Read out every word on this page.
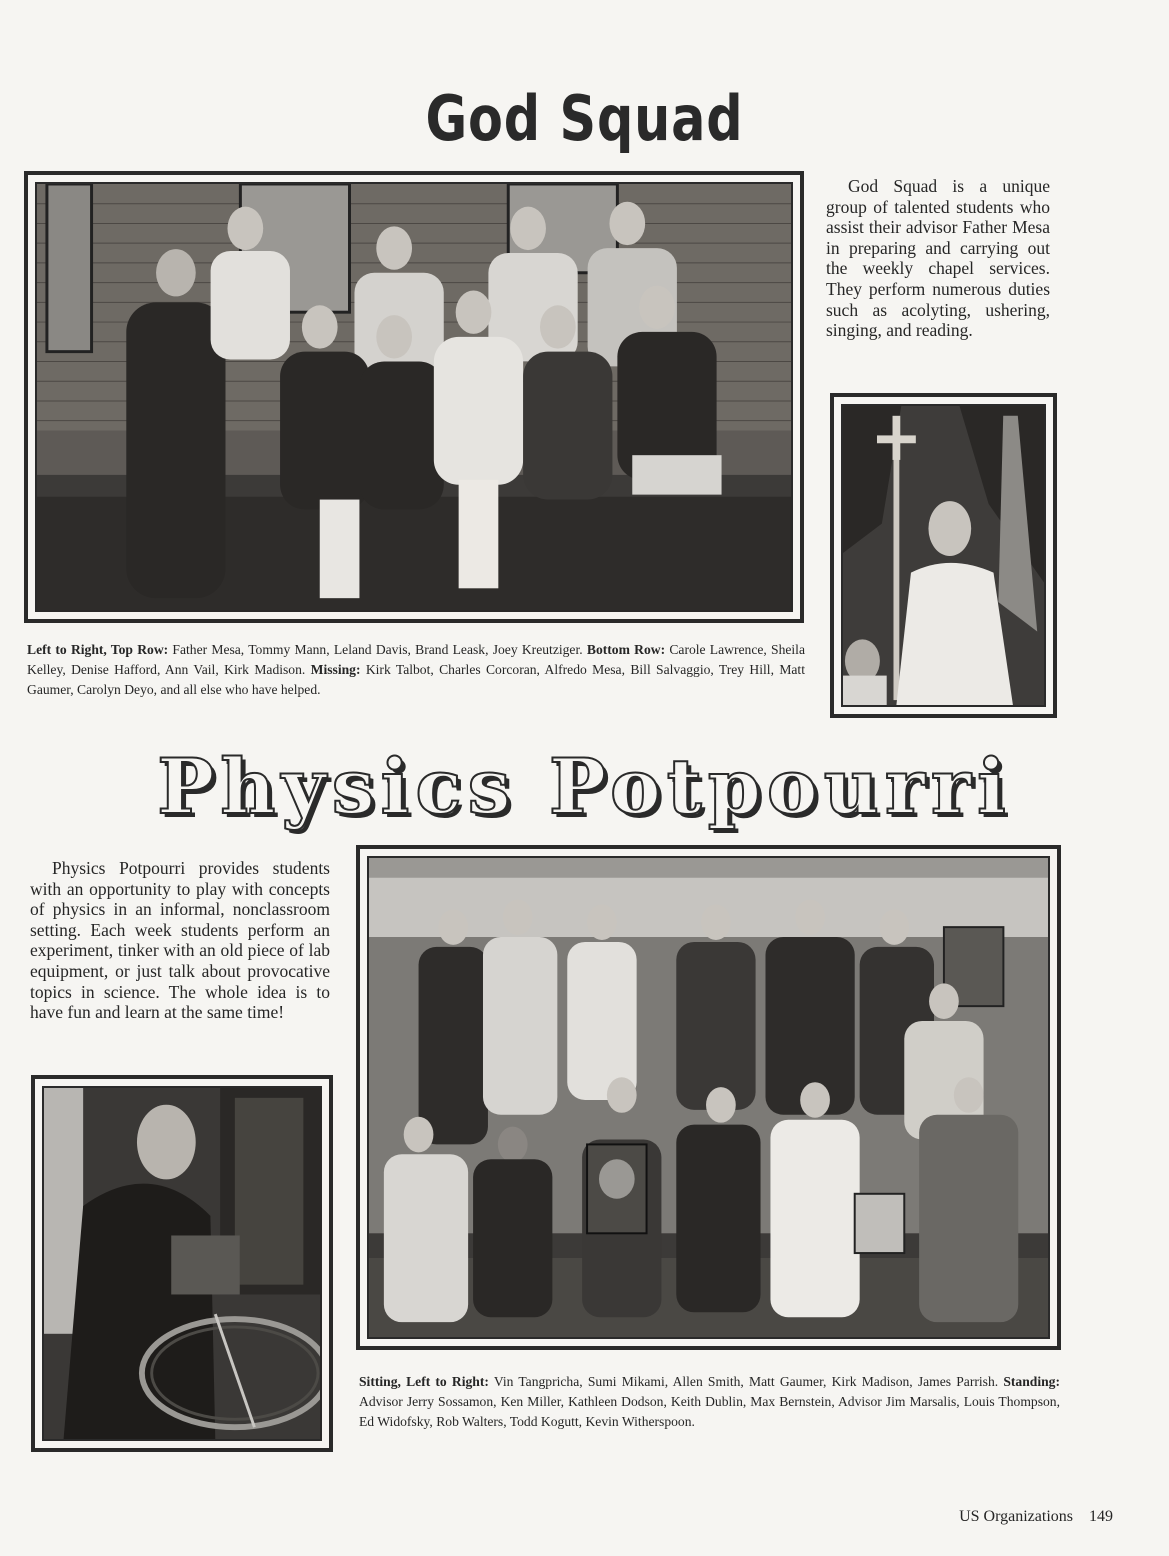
God Squad
God Squad is a unique group of talented students who assist their advisor Father Mesa in preparing and carrying out the weekly chapel services. They perform numerous duties such as acolyting, ushering, singing, and reading.
Left to Right, Top Row: Father Mesa, Tommy Mann, Leland Davis, Brand Leask, Joey Kreutziger. Bottom Row: Carole Lawrence, Sheila Kelley, Denise Hafford, Ann Vail, Kirk Madison. Missing: Kirk Talbot, Charles Corcoran, Alfredo Mesa, Bill Salvaggio, Trey Hill, Matt Gaumer, Carolyn Deyo, and all else who have helped.
Physics Potpourri
Physics Potpourri provides students with an opportunity to play with concepts of physics in an informal, nonclassroom setting. Each week students perform an experiment, tinker with an old piece of lab equipment, or just talk about provocative topics in science. The whole idea is to have fun and learn at the same time!
Sitting, Left to Right: Vin Tangpricha, Sumi Mikami, Allen Smith, Matt Gaumer, Kirk Madison, James Parrish. Standing: Advisor Jerry Sossamon, Ken Miller, Kathleen Dodson, Keith Dublin, Max Bernstein, Advisor Jim Marsalis, Louis Thompson, Ed Widofsky, Rob Walters, Todd Kogutt, Kevin Witherspoon.
US Organizations 149
